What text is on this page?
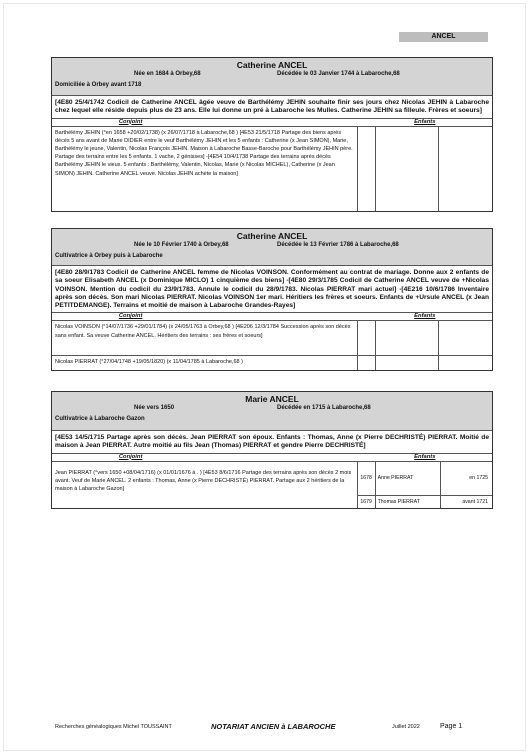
ANCEL
Catherine ANCEL
Née en 1684 à Orbey,68	Décédée le 03 Janvier 1744 à Labaroche,68
Domiciliée à Orbey avant 1718
[4E80 25/4/1742 Codicil de Catherine ANCEL âgée veuve de Barthélémy JEHIN souhaite finir ses jours chez Nicolas JEHIN à Labaroche chez lequel elle réside depuis plus de 23 ans. Elle lui donne un pré à Labaroche les Mulles. Catherine JEHIN sa filleule. Frères et soeurs]
Conjoint	Enfants
Barthélémy JEHIN (°en 1658 +20/02/1738) (x 26/07/1718 à Labaroche,68 ) [4E53 21/5/1718 Partage des biens après décès 5 ans avant de Marie DIDIER entre le veuf Barthélémy JEHIN et les 5 enfants : Catherine (x Jean SIMON), Marie, Barthélémy le jeune, Valentin, Nicolas François JEHIN. Maison à Labaroche Basse-Baroche pour Barthélémy JEHIN père. Partage des terrains entre les 5 enfants. 1 vache, 2 génisses] -[4E54 10/4/1738 Partage des terrains après décès Barthélémy JEHIN le vieux. 5 enfants : Barthélémy, Valentin, Nicolas, Marie (x Nicolas MICHEL), Catherine (x Jean SIMON) JEHIN. Catherine ANCEL veuve. Nicolas JEHIN achète la maison]
Catherine ANCEL
Née le 10 Février 1740 à Orbey,68	Décédée le 13 Février 1786 à Labaroche,68
Cultivatrice à Orbey puis à Labaroche
[4E80 28/9/1783 Codicil de Catherine ANCEL femme de Nicolas VOINSON. Conformément au contrat de mariage. Donne aux 2 enfants de sa soeur Elisabeth ANCEL (x Dominique MICLO) 1 cinquième des biens] -[4E80 29/3/1785 Codicil de Catherine ANCEL veuve de +Nicolas VOINSON. Mention du codicil du 23/9/1783. Annule le codicil du 28/9/1783. Nicolas PIERRAT mari actuel] -[4E216 10/6/1786 Inventaire après son décès. Son mari Nicolas PIERRAT. Nicolas VOINSON 1er mari. Héritiers les frères et soeurs. Enfants de +Ursule ANCEL (x Jean PETITDEMANGE). Terrains et moitié de maison à Labaroche Grandes-Rayes]
Conjoint	Enfants
Nicolas VOINSON (°14/07/1736 +29/01/1784) (x 24/05/1763 à Orbey,68 ) [4E206 12/3/1784 Succession après son décès sans enfant. Sa veuve Catherine ANCEL. Héritiers des terrains : ses frères et soeurs]
Nicolas PIERRAT (°27/04/1748 +19/05/1820) (x 11/04/1785 à Labaroche,68 )
Marie ANCEL
Née vers 1650	Décédée en 1715 à Labaroche,68
Cultivatrice à Labaroche Gazon
[4E53 14/5/1715 Partage après son décès. Jean PIERRAT son époux. Enfants : Thomas, Anne (x Pierre DECHRISTÉ) PIERRAT. Moitié de maison à Jean PIERRAT. Autre moitié au fils Jean (Thomas) PIERRAT et gendre Pierre DECHRISTÉ]
Conjoint	Enfants
Jean PIERRAT (°vers 1650 +08/04/1716) (x 01/01/1676 à . ) [4E53 8/6/1716 Partage des terrains après son décès 2 mois avant. Veuf de Marie ANCEL. 2 enfants : Thomas, Anne (x Pierre DECHRISTÉ) PIERRAT. Partage aux 2 héritiers de la maison à Labaroche Gazon]
1678	Anne PIERRAT	en 1725
1679	Thomas PIERRAT	avant 1721
Recherches généalogiques Michel TOUSSAINT	NOTARIAT ANCIEN à LABAROCHE	Juillet 2022	Page 1
